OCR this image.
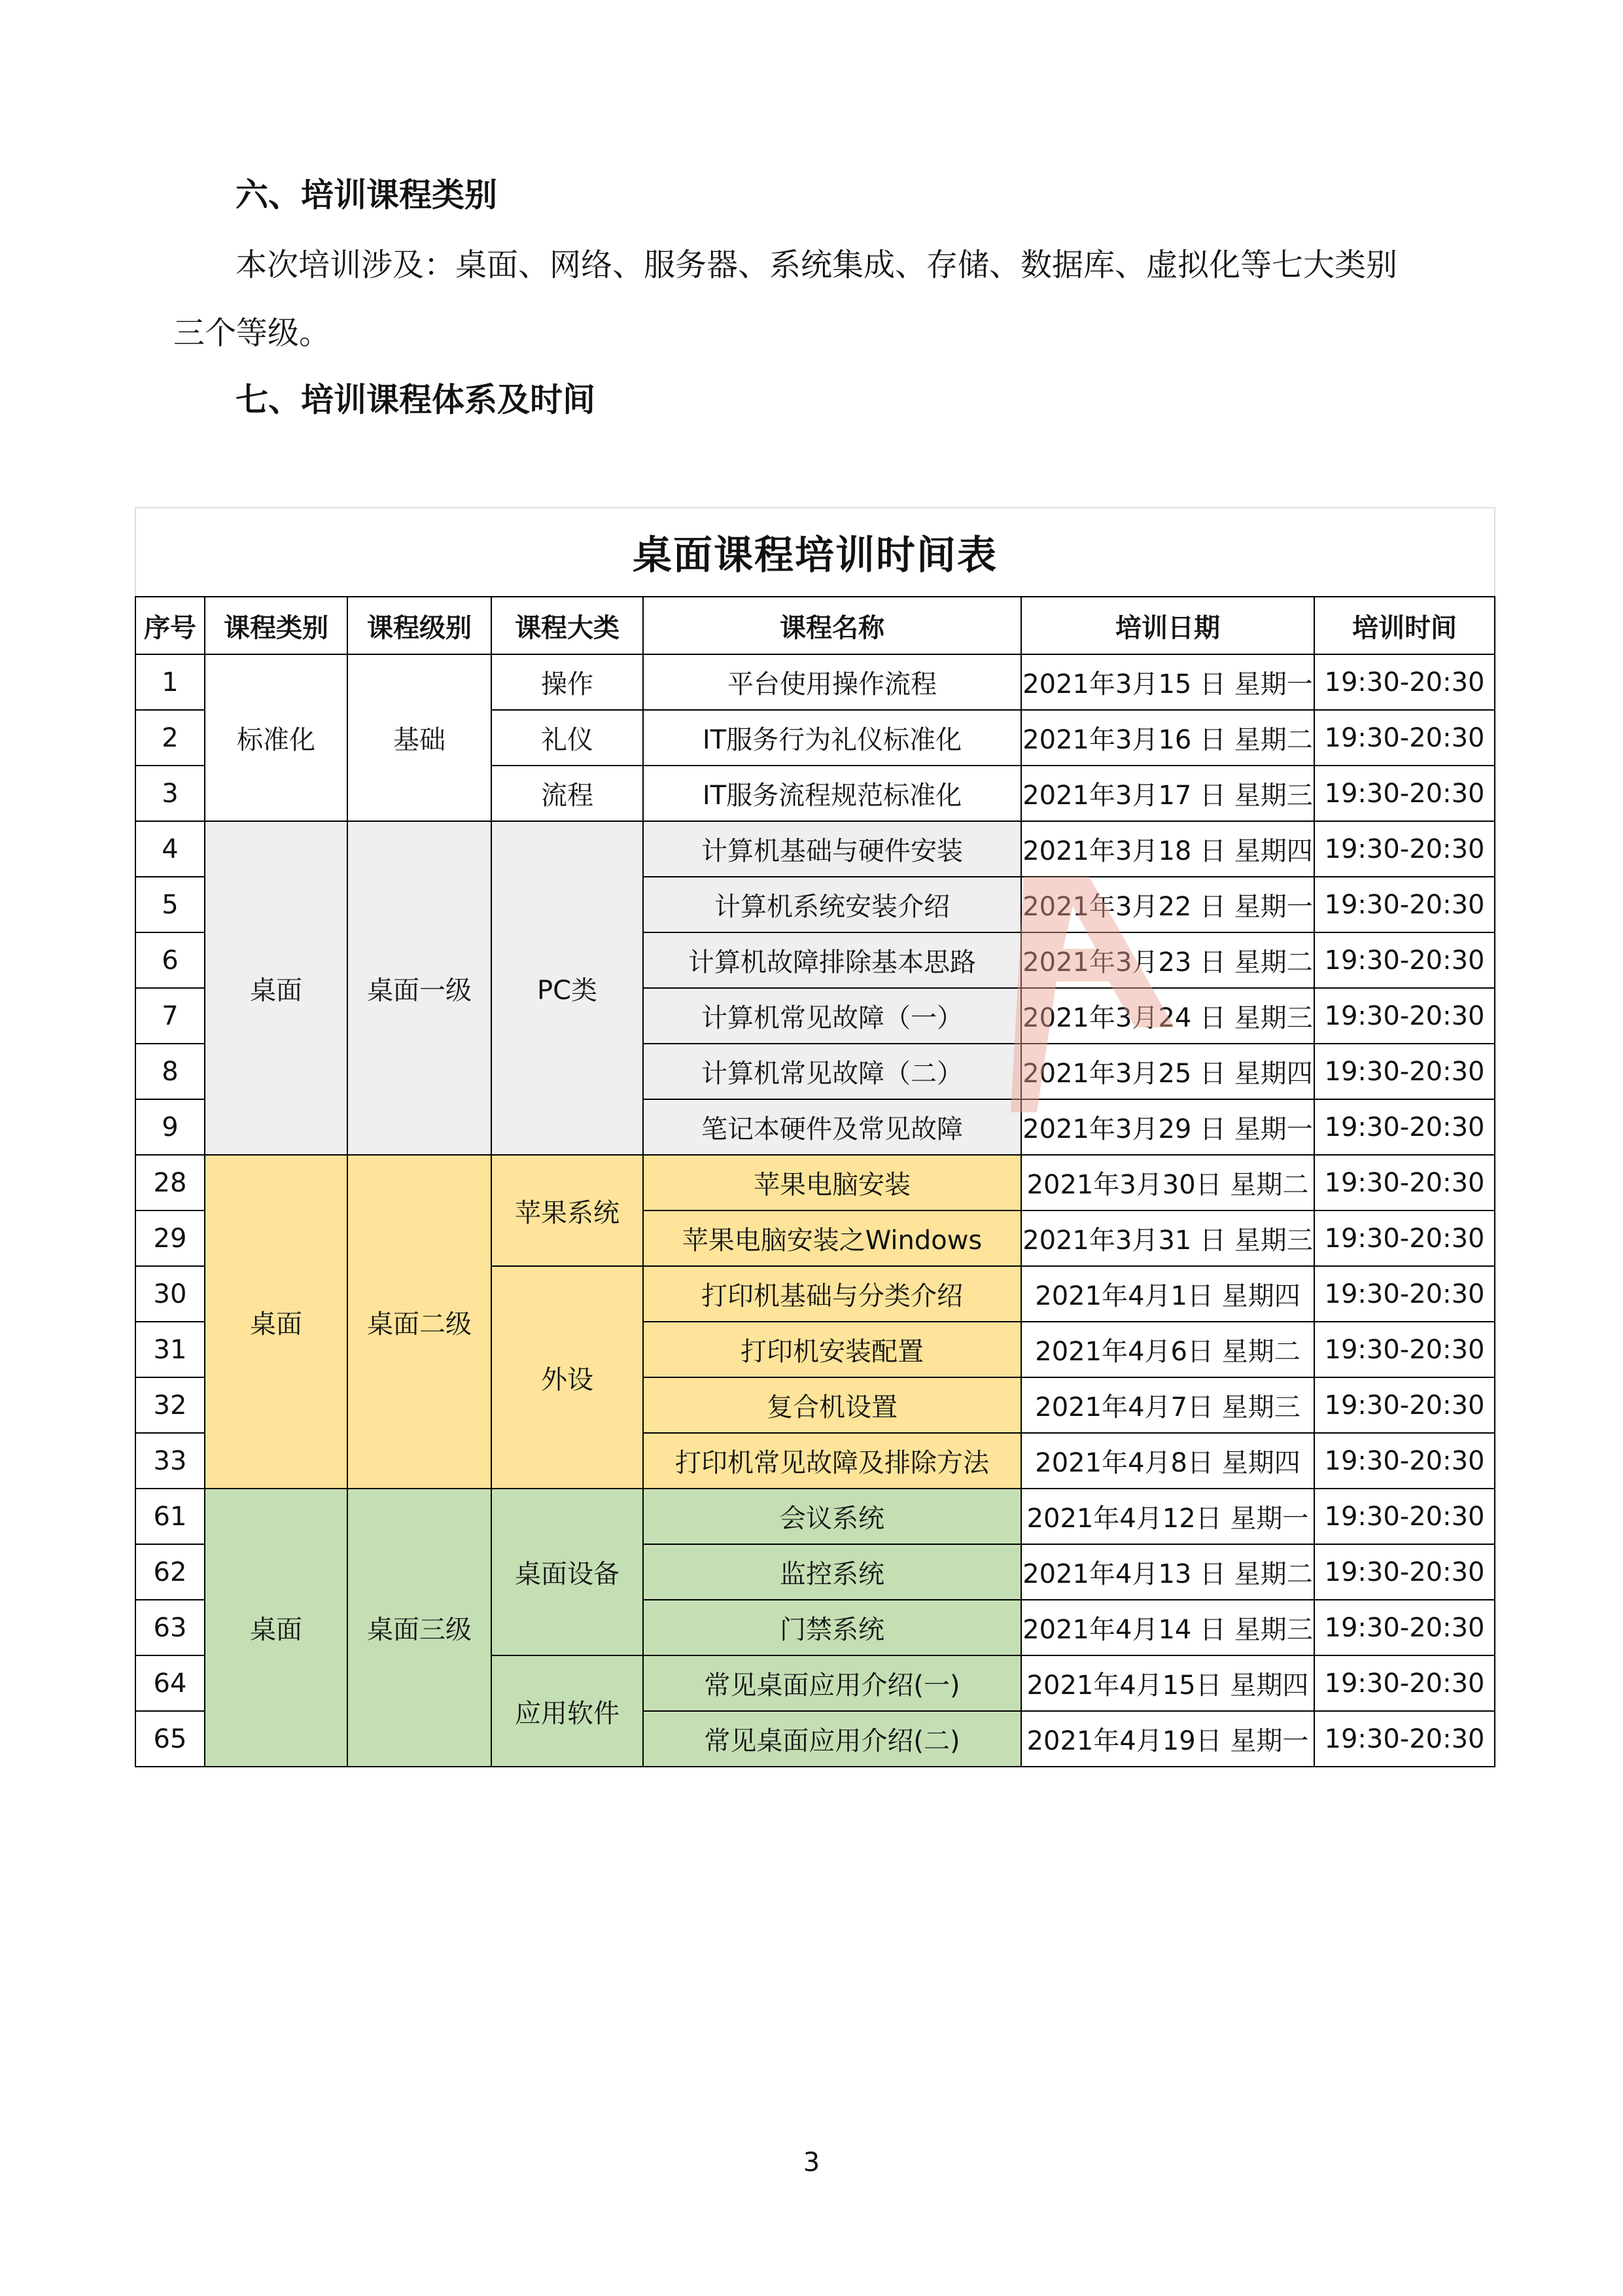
六、培训课程类别
本次培训涉及：桌面、网络、服务器、系统集成、存储、数据库、虚拟化等七大类别
三个等级。
七、培训课程体系及时间
桌面课程培训时间表						
序号	课程类别	课程级别	课程大类	课程名称	培训日期	培训时间
1	标准化	基础	操作	平台使用操作流程	2021年3月15 日 星期一	19:30-20:30
2			礼仪	IT服务行为礼仪标准化	2021年3月16 日 星期二	19:30-20:30
3			流程	IT服务流程规范标准化	2021年3月17 日 星期三	19:30-20:30
4	桌面	桌面一级	PC类	计算机基础与硬件安装	2021年3月18 日 星期四	19:30-20:30
5				计算机系统安装介绍	2021年3月22 日 星期一	19:30-20:30
6				计算机故障排除基本思路	2021年3月23 日 星期二	19:30-20:30
7				计算机常见故障（一）	2021年3月24 日 星期三	19:30-20:30
8				计算机常见故障（二）	2021年3月25 日 星期四	19:30-20:30
9				笔记本硬件及常见故障	2021年3月29 日 星期一	19:30-20:30
28	桌面	桌面二级	苹果系统	苹果电脑安装	2021年3月30日 星期二	19:30-20:30
29				苹果电脑安装之Windows	2021年3月31 日 星期三	19:30-20:30
30			外设	打印机基础与分类介绍	2021年4月1日 星期四	19:30-20:30
31				打印机安装配置	2021年4月6日 星期二	19:30-20:30
32				复合机设置	2021年4月7日 星期三	19:30-20:30
33				打印机常见故障及排除方法	2021年4月8日 星期四	19:30-20:30
61	桌面	桌面三级	桌面设备	会议系统	2021年4月12日 星期一	19:30-20:30
62				监控系统	2021年4月13 日 星期二	19:30-20:30
63				门禁系统	2021年4月14 日 星期三	19:30-20:30
64			应用软件	常见桌面应用介绍(一)	2021年4月15日 星期四	19:30-20:30
65				常见桌面应用介绍(二)	2021年4月19日 星期一	19:30-20:30
3
